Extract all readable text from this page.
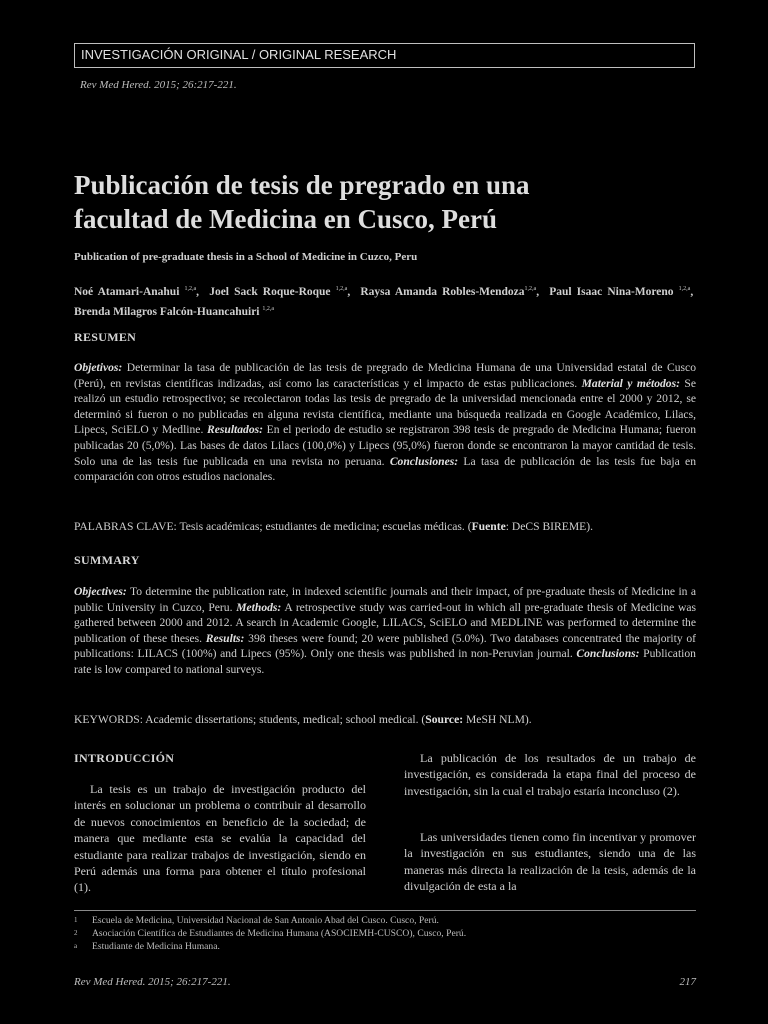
INVESTIGACIÓN ORIGINAL / ORIGINAL RESEARCH
Rev Med Hered. 2015; 26:217-221.
Publicación de tesis de pregrado en una
facultad de Medicina en Cusco, Perú
Publication of pre-graduate thesis in a School of Medicine in Cuzco, Peru
Noé Atamari-Anahui $^{1,2,a}$,  Joel Sack Roque-Roque $^{1,2,a}$,  Raysa Amanda Robles-Mendoza$^{1,2,a}$,  Paul Isaac Nina-Moreno $^{1,2,a}$,  Brenda Milagros Falcón-Huancahuiri $^{1,2,a}$
RESUMEN

Objetivos: Determinar la tasa de publicación de las tesis de pregrado de Medicina Humana de una Universidad estatal de Cusco (Perú), en revistas científicas indizadas, así como las características y el impacto de estas publicaciones. Material y métodos: Se realizó un estudio retrospectivo; se recolectaron todas las tesis de pregrado de la universidad mencionada entre el 2000 y 2012, se determinó si fueron o no publicadas en alguna revista científica, mediante una búsqueda realizada en Google Académico, Lilacs, Lipecs, SciELO y Medline. Resultados: En el periodo de estudio se registraron 398 tesis de pregrado de Medicina Humana; fueron publicadas 20 (5,0%). Las bases de datos Lilacs (100,0%) y Lipecs (95,0%) fueron donde se encontraron la mayor cantidad de tesis. Solo una de las tesis fue publicada en una revista no peruana. Conclusiones: La tasa de publicación de las tesis fue baja en comparación con otros estudios nacionales.

PALABRAS CLAVE: Tesis académicas; estudiantes de medicina; escuelas médicas. (Fuente: DeCS BIREME).

SUMMARY

Objectives: To determine the publication rate, in indexed scientific journals and their impact, of pre-graduate thesis of Medicine in a public University in Cuzco, Peru. Methods: A retrospective study was carried-out in which all pre-graduate thesis of Medicine was gathered between 2000 and 2012. A search in Academic Google, LILACS, SciELO and MEDLINE was performed to determine the publication of these theses. Results: 398 theses were found; 20 were published (5.0%). Two databases concentrated the majority of publications: LILACS (100%) and Lipecs (95%). Only one thesis was published in non-Peruvian journal. Conclusions: Publication rate is low compared to national surveys.

KEYWORDS: Academic dissertations; students, medical; school medical. (Source: MeSH NLM).

INTRODUCCIÓN

La tesis es un trabajo de investigación producto del interés en solucionar un problema o contribuir al desarrollo de nuevos conocimientos en beneficio de la sociedad; de manera que mediante esta se evalúa la capacidad del estudiante para realizar trabajos de investigación, siendo en Perú además una forma para obtener el título profesional (1).

La publicación de los resultados de un trabajo de investigación, es considerada la etapa final del proceso de investigación, sin la cual el trabajo estaría inconcluso (2).

Las universidades tienen como fin incentivar y promover la investigación en sus estudiantes, siendo una de las maneras más directa la realización de la tesis, además de la divulgación de esta a la

1	Escuela de Medicina, Universidad Nacional de San Antonio Abad del Cusco. Cusco, Perú.
2	Asociación Científica de Estudiantes de Medicina Humana (ASOCIEMH-CUSCO), Cusco, Perú.
a	Estudiante de Medicina Humana.
Rev Med Hered. 2015; 26:217-221.	217
